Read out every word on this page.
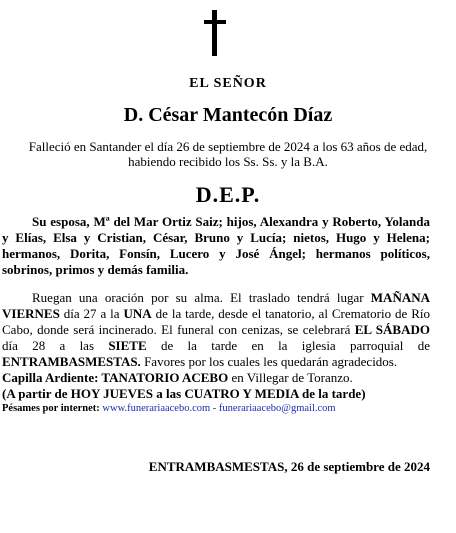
EL SEÑOR
D. César Mantecón Díaz
Falleció en Santander el día 26 de septiembre de 2024 a los 63 años de edad,
habiendo recibido los Ss. Ss. y la B.A.
D.E.P.
Su esposa, Mª del Mar Ortiz Saiz; hijos, Alexandra y Roberto, Yolanda y Elías, Elsa y Cristian, César, Bruno y Lucía; nietos, Hugo y Helena; hermanos, Dorita, Fonsín, Lucero y José Ángel; hermanos políticos, sobrinos, primos y demás familia.
Ruegan una oración por su alma. El traslado tendrá lugar MAÑANA VIERNES día 27 a la UNA de la tarde, desde el tanatorio, al Crematorio de Río Cabo, donde será incinerado. El funeral con cenizas, se celebrará EL SÁBADO día 28 a las SIETE de la tarde en la iglesia parroquial de ENTRAMBASMESTAS. Favores por los cuales les quedarán agradecidos.
Capilla Ardiente: TANATORIO ACEBO en Villegar de Toranzo.
(A partir de HOY JUEVES a las CUATRO Y MEDIA de la tarde)
Pésames por internet: www.funerariaacebo.com - funerariaacebo@gmail.com
ENTRAMBASMESTAS, 26 de septiembre de 2024
